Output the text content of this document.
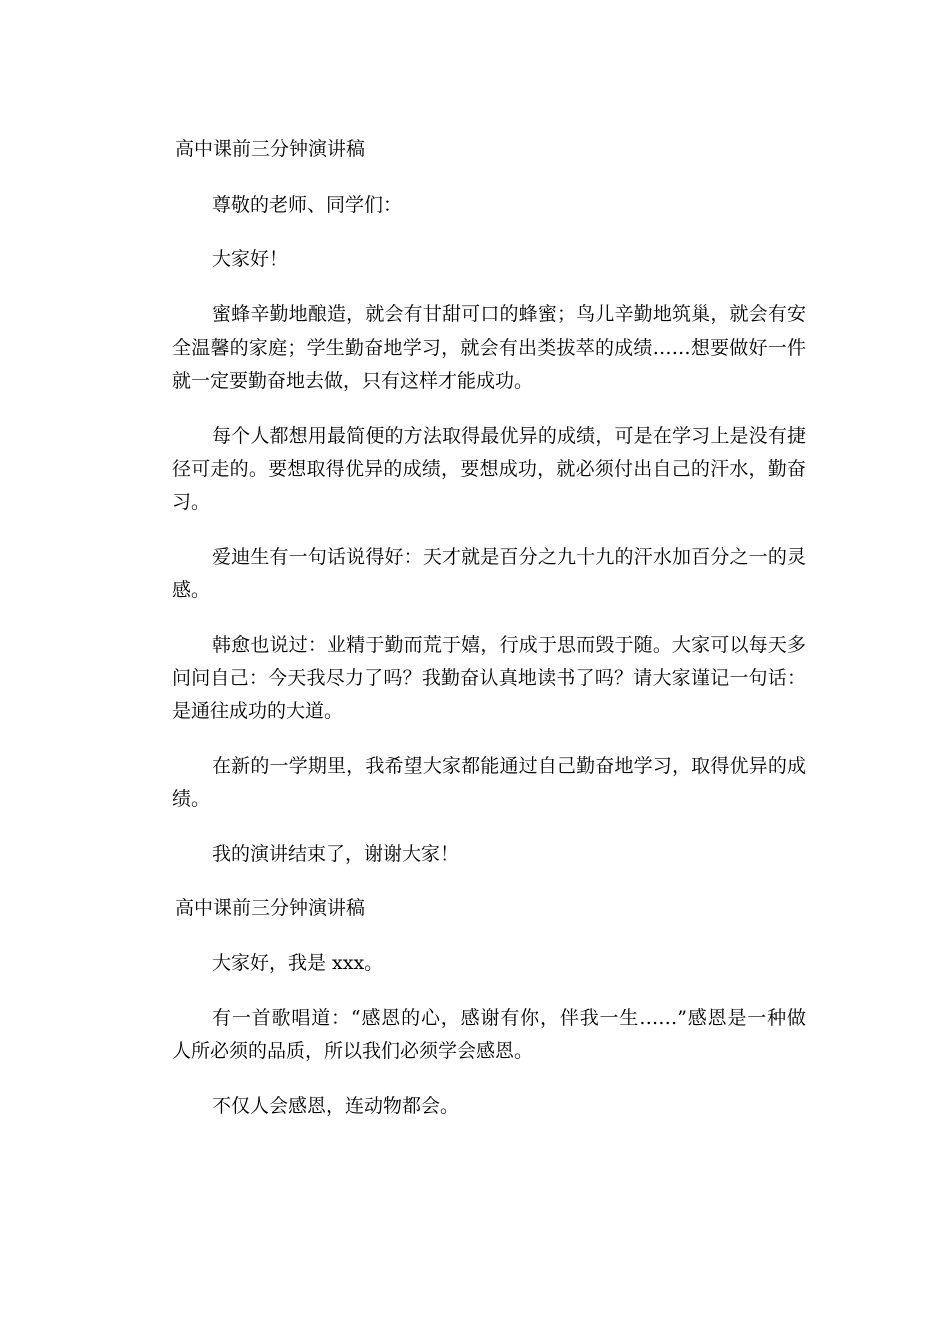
高中课前三分钟演讲稿

尊敬的老师、同学们：

大家好！

蜜蜂辛勤地酿造，就会有甘甜可口的蜂蜜；鸟儿辛勤地筑巢，就会有安

全温馨的家庭；学生勤奋地学习，就会有出类拔萃的成绩……想要做好一件

就一定要勤奋地去做，只有这样才能成功。

每个人都想用最简便的方法取得最优异的成绩，可是在学习上是没有捷

径可走的。要想取得优异的成绩，要想成功，就必须付出自己的汗水，勤奋

习。

爱迪生有一句话说得好：天才就是百分之九十九的汗水加百分之一的灵

感。

韩愈也说过：业精于勤而荒于嬉，行成于思而毁于随。大家可以每天多

问问自己：今天我尽力了吗？我勤奋认真地读书了吗？请大家谨记一句话：

是通往成功的大道。

在新的一学期里，我希望大家都能通过自己勤奋地学习，取得优异的成

绩。

我的演讲结束了，谢谢大家！

高中课前三分钟演讲稿

大家好，我是 xxx。

有一首歌唱道：“感恩的心，感谢有你，伴我一生……”感恩是一种做

人所必须的品质，所以我们必须学会感恩。

不仅人会感恩，连动物都会。
